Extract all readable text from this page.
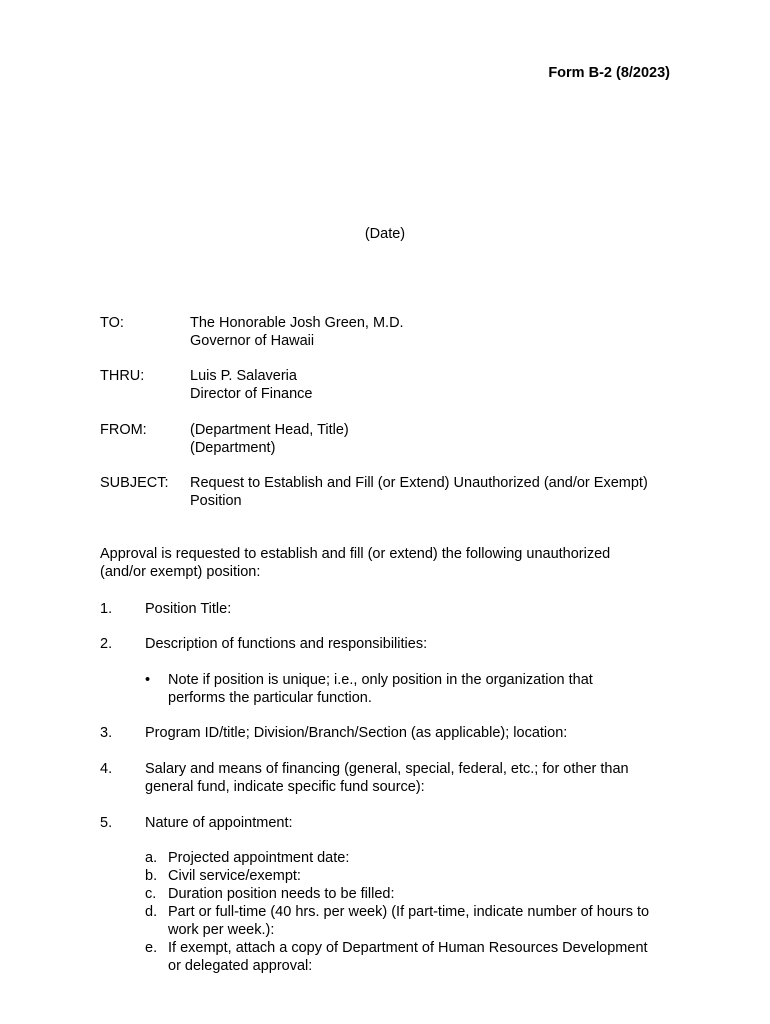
Form B-2 (8/2023)
(Date)
TO:	The Honorable Josh Green, M.D.
Governor of Hawaii
THRU:	Luis P. Salaveria
Director of Finance
FROM:	(Department Head, Title)
(Department)
SUBJECT:	Request to Establish and Fill (or Extend) Unauthorized (and/or Exempt)
Position
Approval is requested to establish and fill (or extend) the following unauthorized
(and/or exempt) position:
1.	Position Title:
2.	Description of functions and responsibilities:
•	Note if position is unique; i.e., only position in the organization that
performs the particular function.
3.	Program ID/title; Division/Branch/Section (as applicable); location:
4.	Salary and means of financing (general, special, federal, etc.; for other than
general fund, indicate specific fund source):
5.	Nature of appointment:
a. Projected appointment date:
b. Civil service/exempt:
c. Duration position needs to be filled:
d. Part or full-time (40 hrs. per week) (If part-time, indicate number of hours to
work per week.):
e. If exempt, attach a copy of Department of Human Resources Development
or delegated approval:
